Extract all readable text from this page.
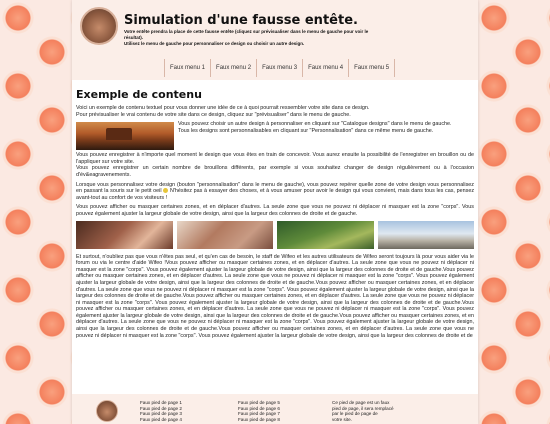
Simulation d'une fausse entête.
Votre entête prendra la place de cette fausse entête (cliquez sur prévisualiser dans le menu de gauche pour voir le résultat).
Utilisez le menu de gauche pour personnaliser ce design ou choisir un autre design.
Faux menu 1	Faux menu 2	Faux menu 3	Faux menu 4	Faux menu 5
Exemple de contenu

Voici un exemple de contenu textuel pour vous donner une idée de ce à quoi pourrait ressembler votre site dans ce design.
Pour prévisualiser le vrai contenu de votre site dans ce design, cliquez sur "prévisualiser" dans le menu de gauche.

Vous pouvez choisir un autre design à personnaliser en cliquant sur "Catalogue designs" dans le menu de gauche.
Tous les designs sont personnalisables en cliquant sur "Personnalisation" dans ce même menu de gauche.

Vous pouvez enregistrer à n'importe quel moment le design que vous êtes en train de concevoir. Vous aurez ensuite la possibilité de l'enregistrer en brouillon ou de l'appliquer sur votre site.
Vous pouvez enregistrer un certain nombre de brouillons différents, par exemple si vous souhaitez changer de design régulièrement ou à l'occasion d'év&eagravenements.

Lorsque vous personnalisez votre design (bouton "personnalisation" dans le menu de gauche), vous pouvez repérer quelle zone de votre design vous personnalisez en passant la souris sur le petit oeil N'hésitez pas à essayer des choses, et à vous amuser pour avoir le design qui vous convient, mais dans tous les cas, pensez avant-tout au confort de vos visiteurs !

Vous pouvez afficher ou masquer certaines zones, et en déplacer d'autres. La seule zone que vous ne pouvez ni déplacer ni masquer est la zone "corps". Vous pouvez également ajuster la largeur globale de votre design, ainsi que la largeur des colonnes de droite et de gauche.

Et surtout, n'oubliez pas que vous n'êtes pas seul, et qu'en cas de besoin, le staff de Wifeo et les autres utilisateurs de Wifeo seront toujours là pour vous aider via le forum ou via le centre d'aide Wifeo !Vous pouvez afficher ou masquer certaines zones, et en déplacer d'autres. La seule zone que vous ne pouvez ni déplacer ni masquer est la zone "corps". Vous pouvez également ajuster la largeur globale de votre design, ainsi que la largeur des colonnes de droite et de gauche.Vous pouvez afficher ou masquer certaines zones, et en déplacer d'autres. La seule zone que vous ne pouvez ni déplacer ni masquer est la zone "corps". Vous pouvez également ajuster la largeur globale de votre design, ainsi que la largeur des colonnes de droite et de gauche.Vous pouvez afficher ou masquer certaines zones, et en déplacer d'autres. La seule zone que vous ne pouvez ni déplacer ni masquer est la zone "corps". Vous pouvez également ajuster la largeur globale de votre design, ainsi que la largeur des colonnes de droite et de gauche.Vous pouvez afficher ou masquer certaines zones, et en déplacer d'autres. La seule zone que vous ne pouvez ni déplacer ni masquer est la zone "corps". Vous pouvez également ajuster la largeur globale de votre design, ainsi que la largeur des colonnes de droite et de gauche.Vous pouvez afficher ou masquer certaines zones, et en déplacer d'autres. La seule zone que vous ne pouvez ni déplacer ni masquer est la zone "corps". Vous pouvez également ajuster la largeur globale de votre design, ainsi que la largeur des colonnes de droite et de gauche.Vous pouvez afficher ou masquer certaines zones, et en déplacer d'autres. La seule zone que vous ne pouvez ni déplacer ni masquer est la zone "corps". Vous pouvez également ajuster la largeur globale de votre design, ainsi que la largeur des colonnes de droite et de gauche.Vous pouvez afficher ou masquer certaines zones, et en déplacer d'autres. La seule zone que vous ne pouvez ni déplacer ni masquer est la zone "corps". Vous pouvez également ajuster la largeur globale de votre design, ainsi que la largeur des colonnes de droite et de

Faux pied de page 1
Faux pied de page 2
Faux pied de page 3
Faux pied de page 4
Faux pied de page 5
Faux pied de page 6
Faux pied de page 7
Faux pied de page 8
Ce pied de page est un faux
pied de page, il sera remplacé
par le pied de page de
votre site.
